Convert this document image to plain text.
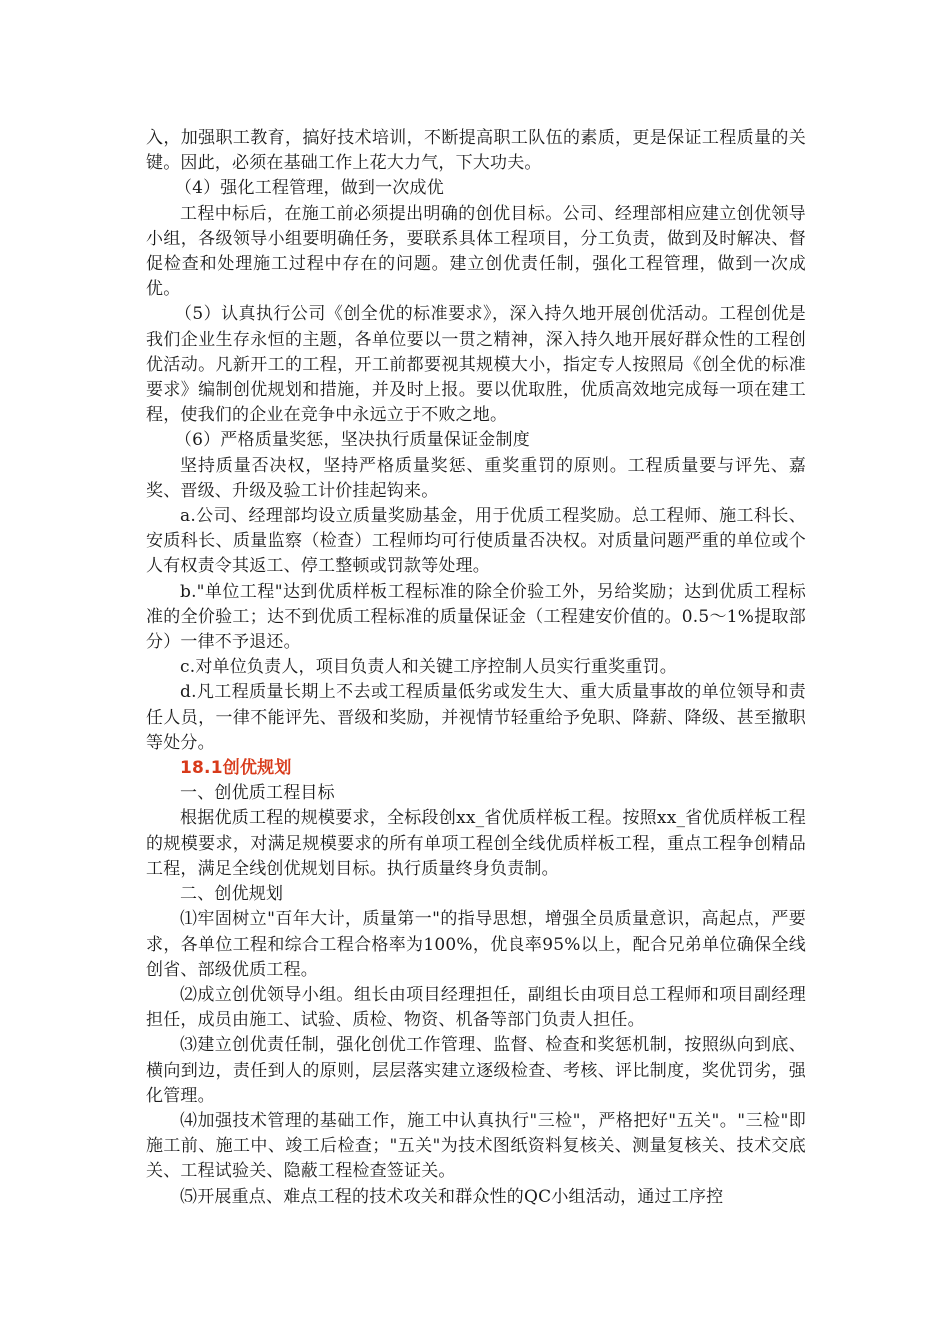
入，加强职工教育，搞好技术培训，不断提高职工队伍的素质，更是保证工程质量的关键。因此，必须在基础工作上花大力气，下大功夫。

（4）强化工程管理，做到一次成优

工程中标后，在施工前必须提出明确的创优目标。公司、经理部相应建立创优领导小组，各级领导小组要明确任务，要联系具体工程项目，分工负责，做到及时解决、督促检查和处理施工过程中存在的问题。建立创优责任制，强化工程管理，做到一次成优。

（5）认真执行公司《创全优的标准要求》，深入持久地开展创优活动。工程创优是我们企业生存永恒的主题，各单位要以一贯之精神，深入持久地开展好群众性的工程创优活动。凡新开工的工程，开工前都要视其规模大小，指定专人按照局《创全优的标准要求》编制创优规划和措施，并及时上报。要以优取胜，优质高效地完成每一项在建工程，使我们的企业在竞争中永远立于不败之地。

（6）严格质量奖惩，坚决执行质量保证金制度

坚持质量否决权，坚持严格质量奖惩、重奖重罚的原则。工程质量要与评先、嘉奖、晋级、升级及验工计价挂起钩来。

a.公司、经理部均设立质量奖励基金，用于优质工程奖励。总工程师、施工科长、安质科长、质量监察（检查）工程师均可行使质量否决权。对质量问题严重的单位或个人有权责令其返工、停工整顿或罚款等处理。

b."单位工程"达到优质样板工程标准的除全价验工外，另给奖励；达到优质工程标准的全价验工；达不到优质工程标准的质量保证金（工程建安价值的。0.5～1%提取部分）一律不予退还。

c.对单位负责人，项目负责人和关键工序控制人员实行重奖重罚。

d.凡工程质量长期上不去或工程质量低劣或发生大、重大质量事故的单位领导和责任人员，一律不能评先、晋级和奖励，并视情节轻重给予免职、降薪、降级、甚至撤职等处分。

18.1创优规划

一、创优质工程目标

根据优质工程的规模要求，全标段创xx_省优质样板工程。按照xx_省优质样板工程的规模要求，对满足规模要求的所有单项工程创全线优质样板工程，重点工程争创精品工程，满足全线创优规划目标。执行质量终身负责制。

二、创优规划

⑴牢固树立"百年大计，质量第一"的指导思想，增强全员质量意识，高起点，严要求，各单位工程和综合工程合格率为100%，优良率95%以上，配合兄弟单位确保全线创省、部级优质工程。

⑵成立创优领导小组。组长由项目经理担任，副组长由项目总工程师和项目副经理担任，成员由施工、试验、质检、物资、机备等部门负责人担任。

⑶建立创优责任制，强化创优工作管理、监督、检查和奖惩机制，按照纵向到底、横向到边，责任到人的原则，层层落实建立逐级检查、考核、评比制度，奖优罚劣，强化管理。

⑷加强技术管理的基础工作，施工中认真执行"三检"，严格把好"五关"。"三检"即施工前、施工中、竣工后检查；"五关"为技术图纸资料复核关、测量复核关、技术交底关、工程试验关、隐蔽工程检查签证关。

⑸开展重点、难点工程的技术攻关和群众性的QC小组活动，通过工序控
